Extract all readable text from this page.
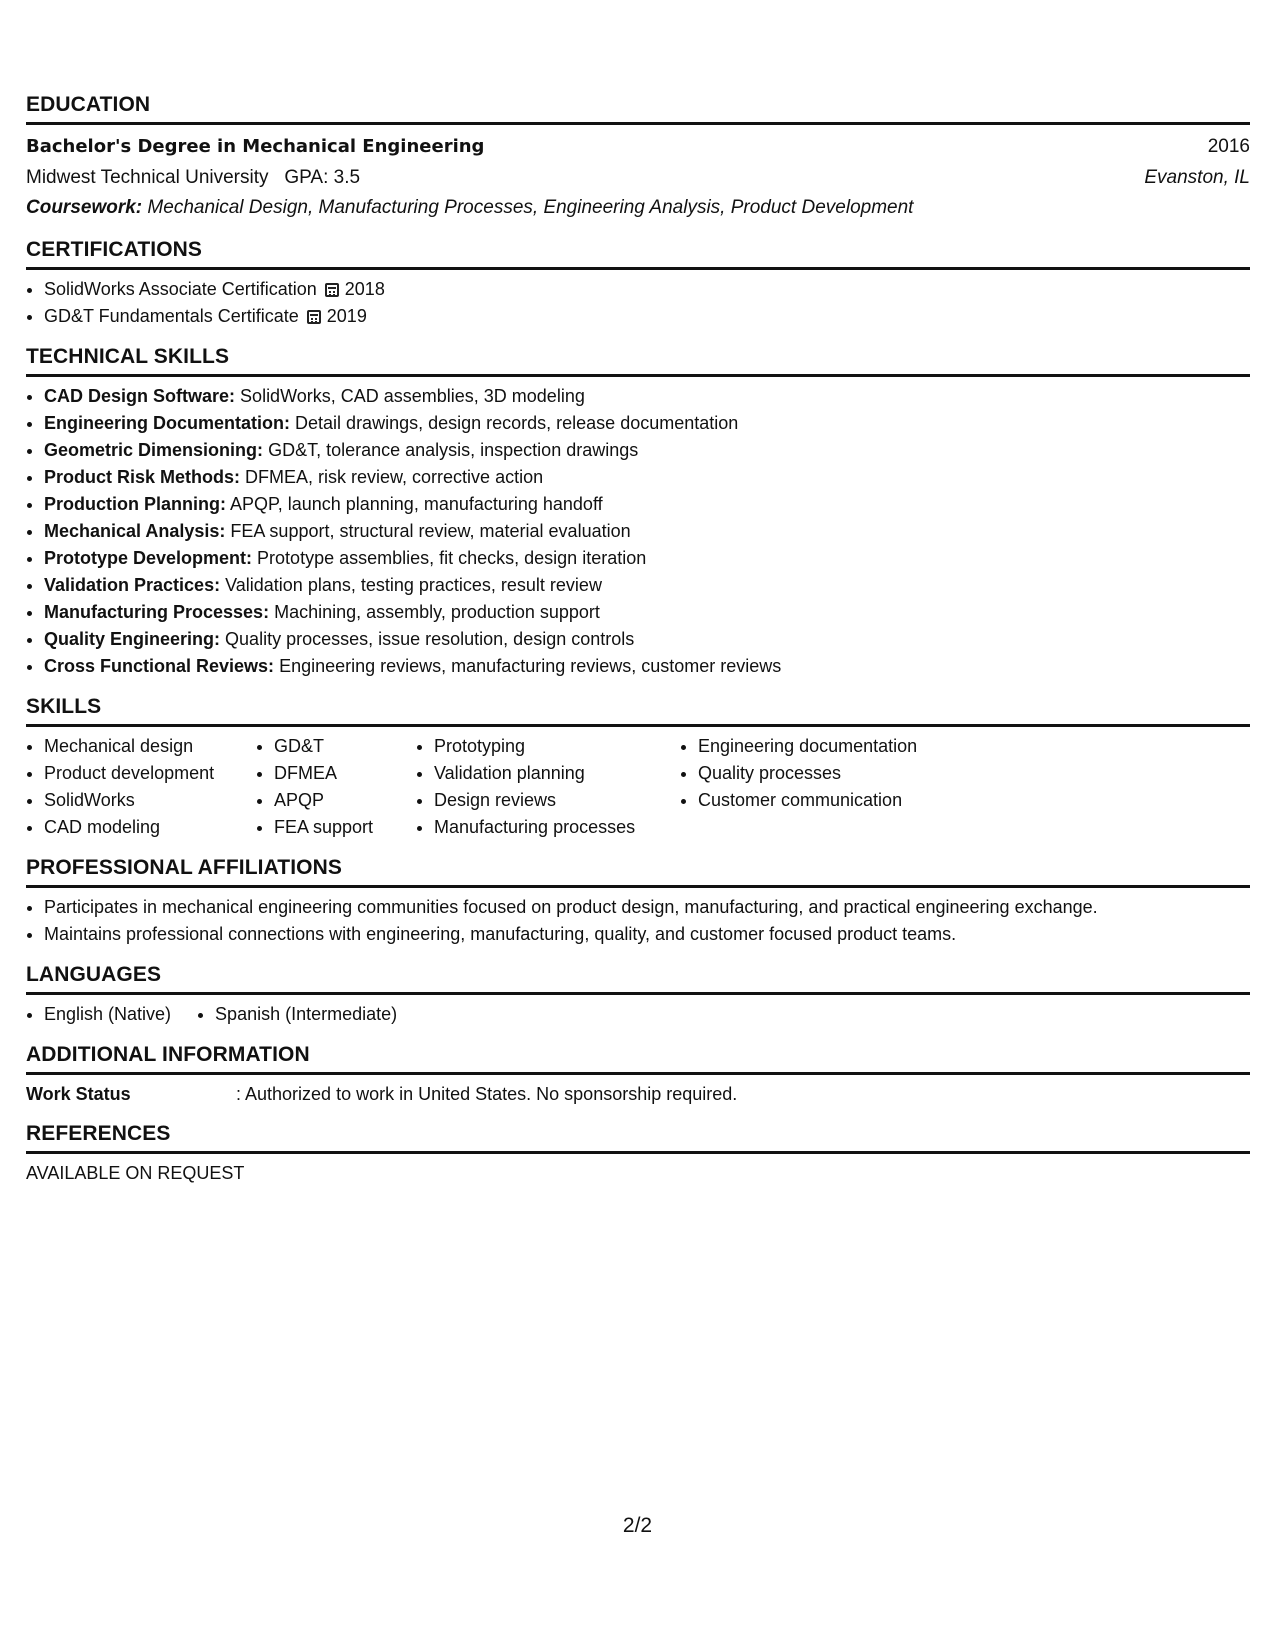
EDUCATION
Bachelor's Degree in Mechanical Engineering	2016
Midwest Technical University GPA: 3.5	Evanston, IL
Coursework: Mechanical Design, Manufacturing Processes, Engineering Analysis, Product Development
CERTIFICATIONS
• SolidWorks Associate Certification 2018
• GD&T Fundamentals Certificate 2019
TECHNICAL SKILLS
• CAD Design Software: SolidWorks, CAD assemblies, 3D modeling
• Engineering Documentation: Detail drawings, design records, release documentation
• Geometric Dimensioning: GD&T, tolerance analysis, inspection drawings
• Product Risk Methods: DFMEA, risk review, corrective action
• Production Planning: APQP, launch planning, manufacturing handoff
• Mechanical Analysis: FEA support, structural review, material evaluation
• Prototype Development: Prototype assemblies, fit checks, design iteration
• Validation Practices: Validation plans, testing practices, result review
• Manufacturing Processes: Machining, assembly, production support
• Quality Engineering: Quality processes, issue resolution, design controls
• Cross Functional Reviews: Engineering reviews, manufacturing reviews, customer reviews
SKILLS
• Mechanical design
• Product development
• SolidWorks
• CAD modeling
• GD&T
• DFMEA
• APQP
• FEA support
• Prototyping
• Validation planning
• Design reviews
• Manufacturing processes
• Engineering documentation
• Quality processes
• Customer communication
PROFESSIONAL AFFILIATIONS
• Participates in mechanical engineering communities focused on product design, manufacturing, and practical engineering exchange.
• Maintains professional connections with engineering, manufacturing, quality, and customer focused product teams.
LANGUAGES
• English (Native)
• Spanish (Intermediate)
ADDITIONAL INFORMATION
Work Status	: Authorized to work in United States. No sponsorship required.
REFERENCES
AVAILABLE ON REQUEST
2/2
